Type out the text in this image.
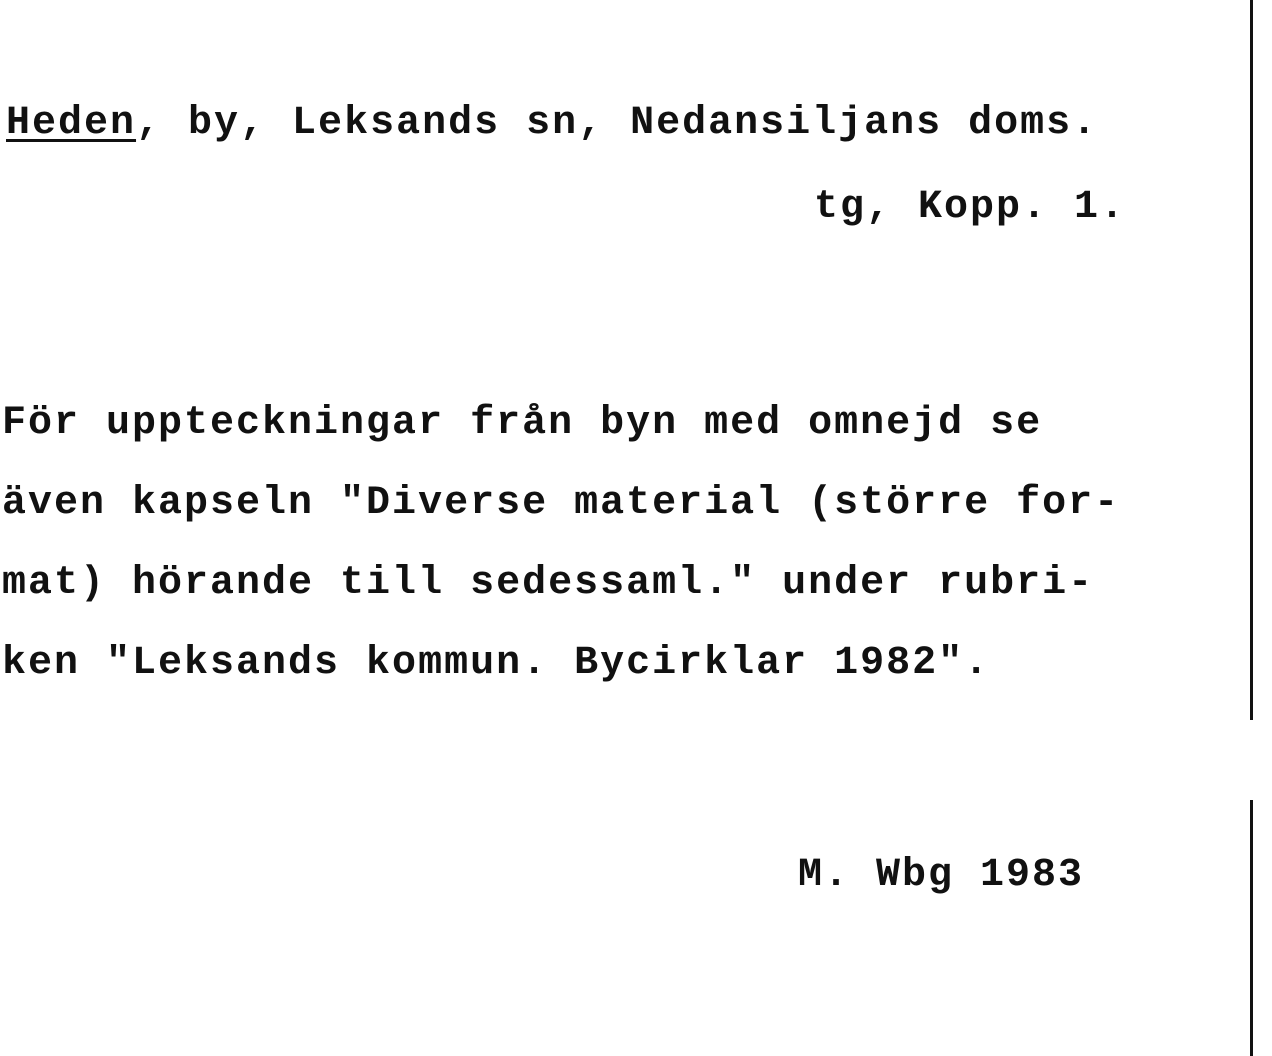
Heden, by, Leksands sn, Nedansiljans doms.
tg, Kopp. 1.
För uppteckningar från byn med omnejd se
även kapseln "Diverse material (större for-
mat) hörande till sedessaml." under rubri-
ken "Leksands kommun. Bycirklar 1982".
M. Wbg 1983
